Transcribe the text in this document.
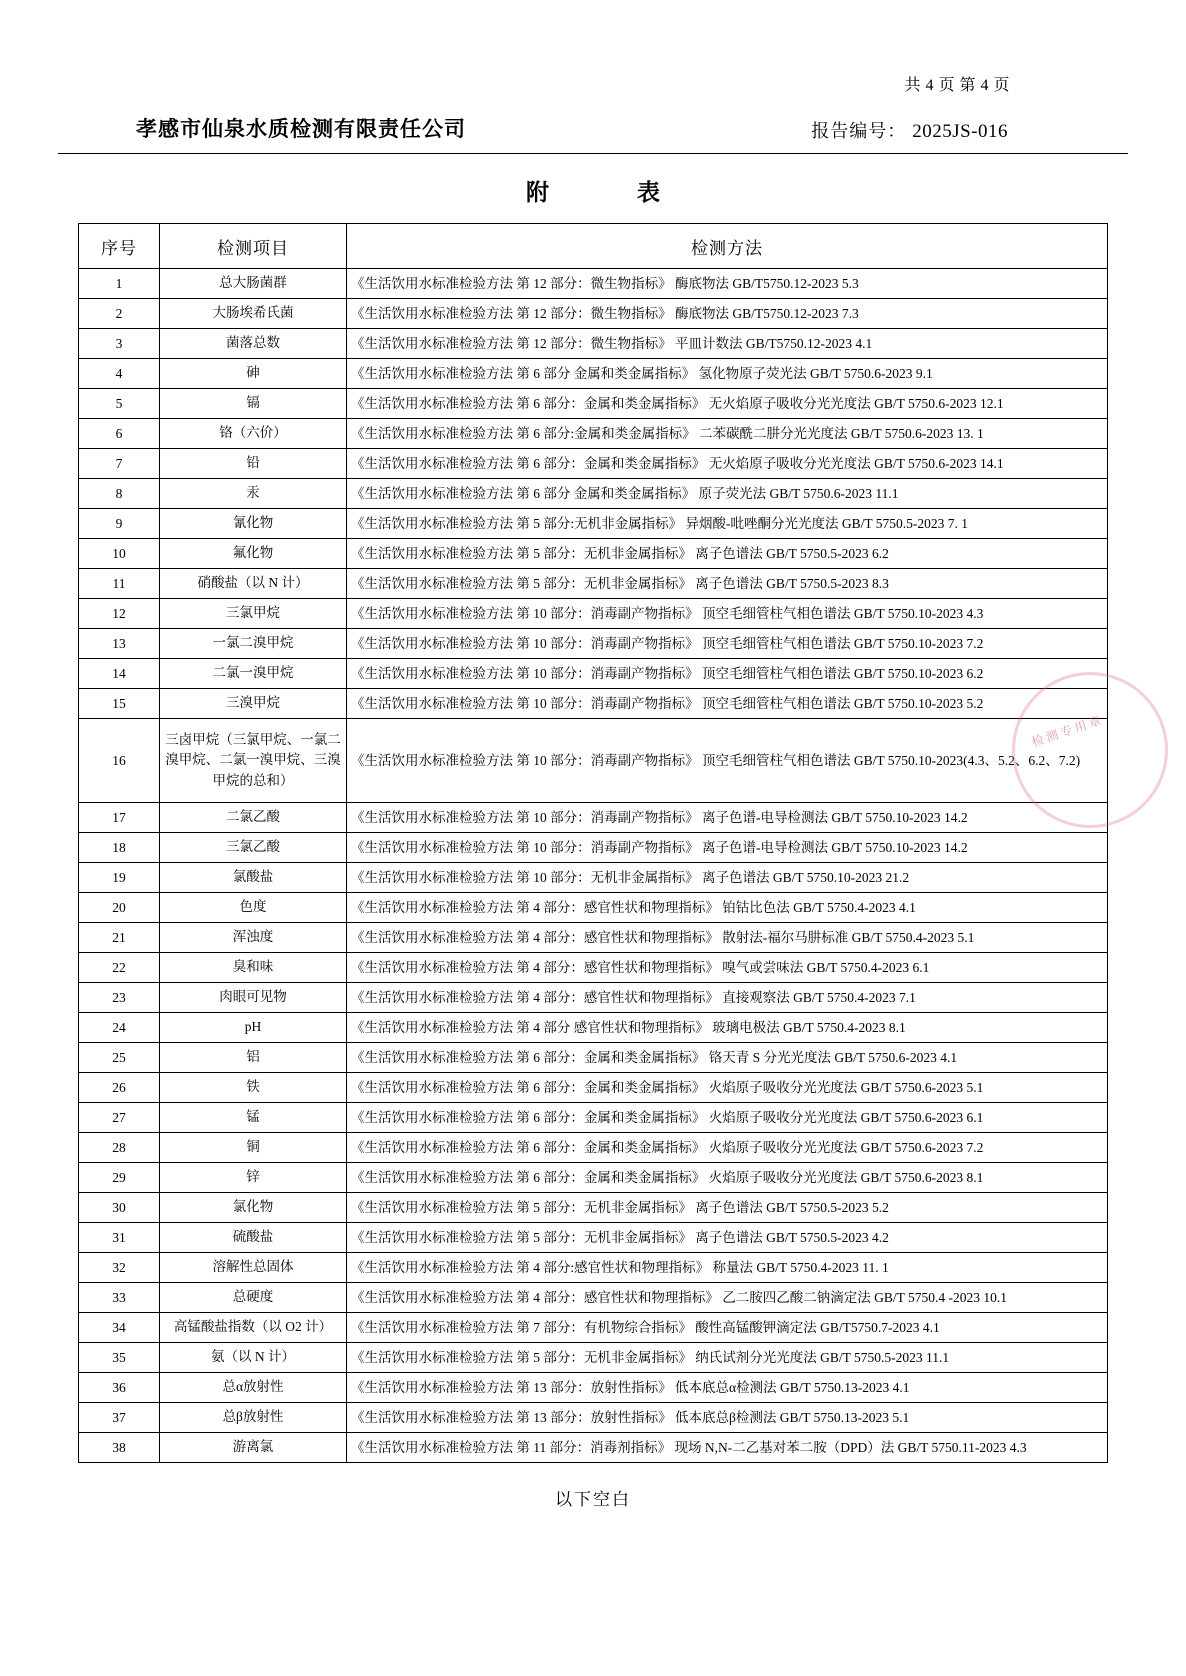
共 4 页 第 4 页
孝感市仙泉水质检测有限责任公司	报告编号： 2025JS-016
附　　表
序号	检测项目	检测方法
1	总大肠菌群	《生活饮用水标准检验方法 第 12 部分：微生物指标》 酶底物法 GB/T5750.12-2023 5.3
2	大肠埃希氏菌	《生活饮用水标准检验方法 第 12 部分：微生物指标》 酶底物法 GB/T5750.12-2023 7.3
3	菌落总数	《生活饮用水标准检验方法 第 12 部分：微生物指标》 平皿计数法 GB/T5750.12-2023 4.1
4	砷	《生活饮用水标准检验方法 第 6 部分 金属和类金属指标》 氢化物原子荧光法 GB/T 5750.6-2023 9.1
5	镉	《生活饮用水标准检验方法 第 6 部分：金属和类金属指标》 无火焰原子吸收分光光度法 GB/T 5750.6-2023 12.1
6	铬（六价）	《生活饮用水标准检验方法 第 6 部分:金属和类金属指标》 二苯碳酰二肼分光光度法 GB/T 5750.6-2023 13. 1
7	铅	《生活饮用水标准检验方法 第 6 部分：金属和类金属指标》 无火焰原子吸收分光光度法 GB/T 5750.6-2023 14.1
8	汞	《生活饮用水标准检验方法 第 6 部分 金属和类金属指标》 原子荧光法 GB/T 5750.6-2023 11.1
9	氰化物	《生活饮用水标准检验方法 第 5 部分:无机非金属指标》 异烟酸-吡唑酮分光光度法 GB/T 5750.5-2023 7. 1
10	氟化物	《生活饮用水标准检验方法 第 5 部分：无机非金属指标》 离子色谱法 GB/T 5750.5-2023 6.2
11	硝酸盐（以 N 计）	《生活饮用水标准检验方法 第 5 部分：无机非金属指标》 离子色谱法 GB/T 5750.5-2023 8.3
12	三氯甲烷	《生活饮用水标准检验方法 第 10 部分：消毒副产物指标》 顶空毛细管柱气相色谱法 GB/T 5750.10-2023 4.3
13	一氯二溴甲烷	《生活饮用水标准检验方法 第 10 部分：消毒副产物指标》 顶空毛细管柱气相色谱法 GB/T 5750.10-2023 7.2
14	二氯一溴甲烷	《生活饮用水标准检验方法 第 10 部分：消毒副产物指标》 顶空毛细管柱气相色谱法 GB/T 5750.10-2023 6.2
15	三溴甲烷	《生活饮用水标准检验方法 第 10 部分：消毒副产物指标》 顶空毛细管柱气相色谱法 GB/T 5750.10-2023 5.2
16	三卤甲烷（三氯甲烷、一氯二溴甲烷、二氯一溴甲烷、三溴甲烷的总和）	《生活饮用水标准检验方法 第 10 部分：消毒副产物指标》 顶空毛细管柱气相色谱法 GB/T 5750.10-2023(4.3、5.2、6.2、7.2)
17	二氯乙酸	《生活饮用水标准检验方法 第 10 部分：消毒副产物指标》 离子色谱-电导检测法 GB/T 5750.10-2023 14.2
18	三氯乙酸	《生活饮用水标准检验方法 第 10 部分：消毒副产物指标》 离子色谱-电导检测法 GB/T 5750.10-2023 14.2
19	氯酸盐	《生活饮用水标准检验方法 第 10 部分：无机非金属指标》 离子色谱法 GB/T 5750.10-2023 21.2
20	色度	《生活饮用水标准检验方法 第 4 部分：感官性状和物理指标》 铂钴比色法 GB/T 5750.4-2023 4.1
21	浑浊度	《生活饮用水标准检验方法 第 4 部分：感官性状和物理指标》 散射法-福尔马肼标准 GB/T 5750.4-2023 5.1
22	臭和味	《生活饮用水标准检验方法 第 4 部分：感官性状和物理指标》 嗅气或尝味法 GB/T 5750.4-2023 6.1
23	肉眼可见物	《生活饮用水标准检验方法 第 4 部分：感官性状和物理指标》 直接观察法 GB/T 5750.4-2023 7.1
24	pH	《生活饮用水标准检验方法 第 4 部分 感官性状和物理指标》 玻璃电极法 GB/T 5750.4-2023 8.1
25	铝	《生活饮用水标准检验方法 第 6 部分：金属和类金属指标》 铬天青 S 分光光度法 GB/T 5750.6-2023 4.1
26	铁	《生活饮用水标准检验方法 第 6 部分：金属和类金属指标》 火焰原子吸收分光光度法 GB/T 5750.6-2023 5.1
27	锰	《生活饮用水标准检验方法 第 6 部分：金属和类金属指标》 火焰原子吸收分光光度法 GB/T 5750.6-2023 6.1
28	铜	《生活饮用水标准检验方法 第 6 部分：金属和类金属指标》 火焰原子吸收分光光度法 GB/T 5750.6-2023 7.2
29	锌	《生活饮用水标准检验方法 第 6 部分：金属和类金属指标》 火焰原子吸收分光光度法 GB/T 5750.6-2023 8.1
30	氯化物	《生活饮用水标准检验方法 第 5 部分：无机非金属指标》 离子色谱法 GB/T 5750.5-2023 5.2
31	硫酸盐	《生活饮用水标准检验方法 第 5 部分：无机非金属指标》 离子色谱法 GB/T 5750.5-2023 4.2
32	溶解性总固体	《生活饮用水标准检验方法 第 4 部分:感官性状和物理指标》 称量法 GB/T 5750.4-2023 11. 1
33	总硬度	《生活饮用水标准检验方法 第 4 部分：感官性状和物理指标》 乙二胺四乙酸二钠滴定法 GB/T 5750.4 -2023 10.1
34	高锰酸盐指数（以 O2 计）	《生活饮用水标准检验方法 第 7 部分：有机物综合指标》 酸性高锰酸钾滴定法 GB/T5750.7-2023 4.1
35	氨（以 N 计）	《生活饮用水标准检验方法 第 5 部分：无机非金属指标》 纳氏试剂分光光度法 GB/T 5750.5-2023 11.1
36	总α放射性	《生活饮用水标准检验方法 第 13 部分：放射性指标》 低本底总α检测法 GB/T 5750.13-2023 4.1
37	总β放射性	《生活饮用水标准检验方法 第 13 部分：放射性指标》 低本底总β检测法 GB/T 5750.13-2023 5.1
38	游离氯	《生活饮用水标准检验方法 第 11 部分：消毒剂指标》 现场 N,N-二乙基对苯二胺（DPD）法 GB/T 5750.11-2023 4.3
以下空白
检测专用章
